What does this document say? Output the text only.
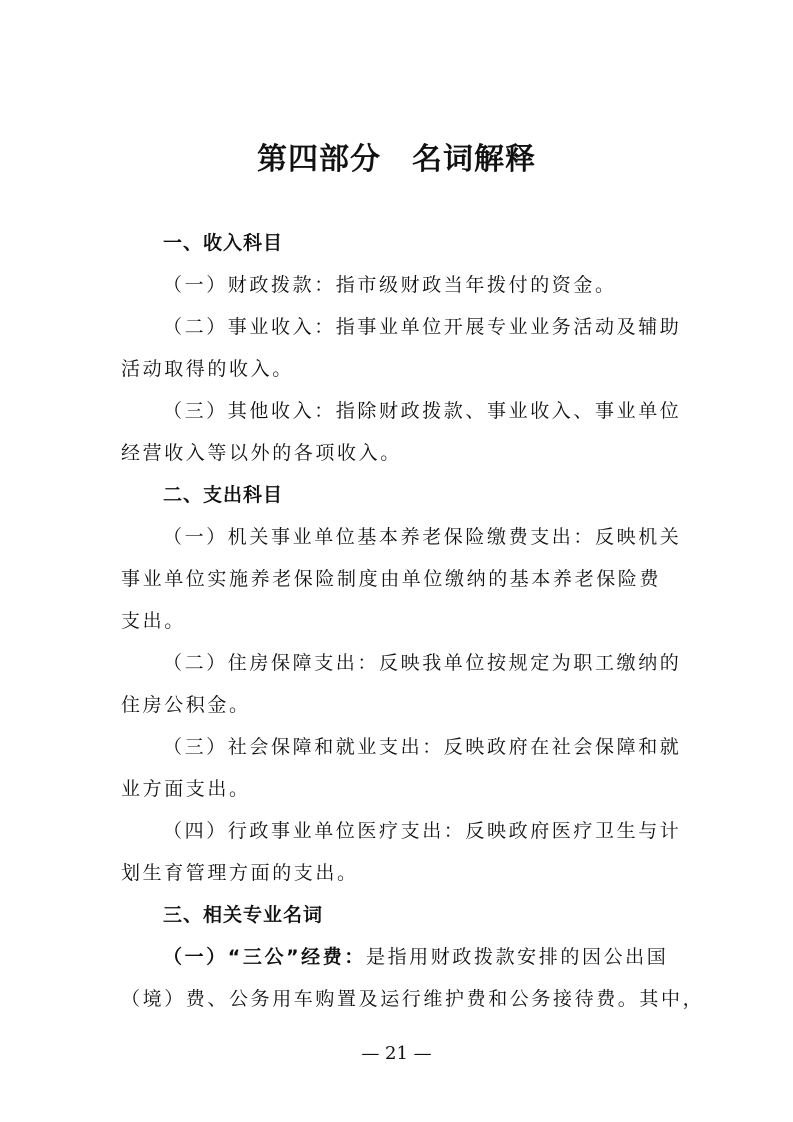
第四部分　名词解释
一、收入科目
（一）财政拨款：指市级财政当年拨付的资金。
（二）事业收入：指事业单位开展专业业务活动及辅助
活动取得的收入。
（三）其他收入：指除财政拨款、事业收入、事业单位
经营收入等以外的各项收入。
二、支出科目
（一）机关事业单位基本养老保险缴费支出：反映机关
事业单位实施养老保险制度由单位缴纳的基本养老保险费
支出。
（二）住房保障支出：反映我单位按规定为职工缴纳的
住房公积金。
（三）社会保障和就业支出：反映政府在社会保障和就
业方面支出。
（四）行政事业单位医疗支出：反映政府医疗卫生与计
划生育管理方面的支出。
三、相关专业名词
（一）“三公”经费：是指用财政拨款安排的因公出国
（境）费、公务用车购置及运行维护费和公务接待费。其中，
— 21 —
